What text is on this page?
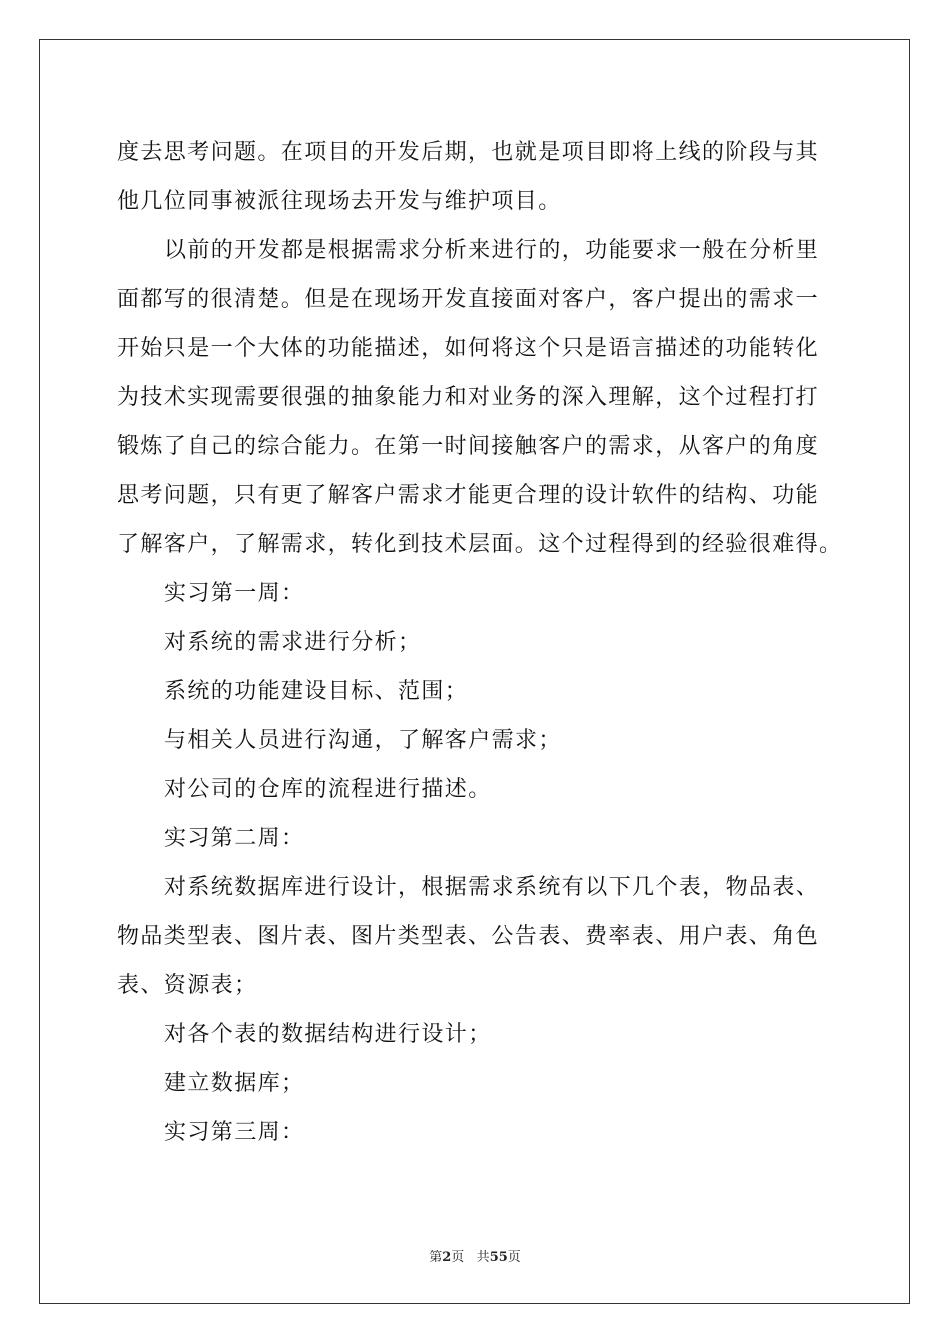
度去思考问题。在项目的开发后期，也就是项目即将上线的阶段与其
他几位同事被派往现场去开发与维护项目。
以前的开发都是根据需求分析来进行的，功能要求一般在分析里
面都写的很清楚。但是在现场开发直接面对客户，客户提出的需求一
开始只是一个大体的功能描述，如何将这个只是语言描述的功能转化
为技术实现需要很强的抽象能力和对业务的深入理解，这个过程打打
锻炼了自己的综合能力。在第一时间接触客户的需求，从客户的角度
思考问题，只有更了解客户需求才能更合理的设计软件的结构、功能
了解客户，了解需求，转化到技术层面。这个过程得到的经验很难得。
实习第一周：
对系统的需求进行分析；
系统的功能建设目标、范围；
与相关人员进行沟通，了解客户需求；
对公司的仓库的流程进行描述。
实习第二周：
对系统数据库进行设计，根据需求系统有以下几个表，物品表、
物品类型表、图片表、图片类型表、公告表、费率表、用户表、角色
表、资源表；
对各个表的数据结构进行设计；
建立数据库；
实习第三周：
第2页 共55页
